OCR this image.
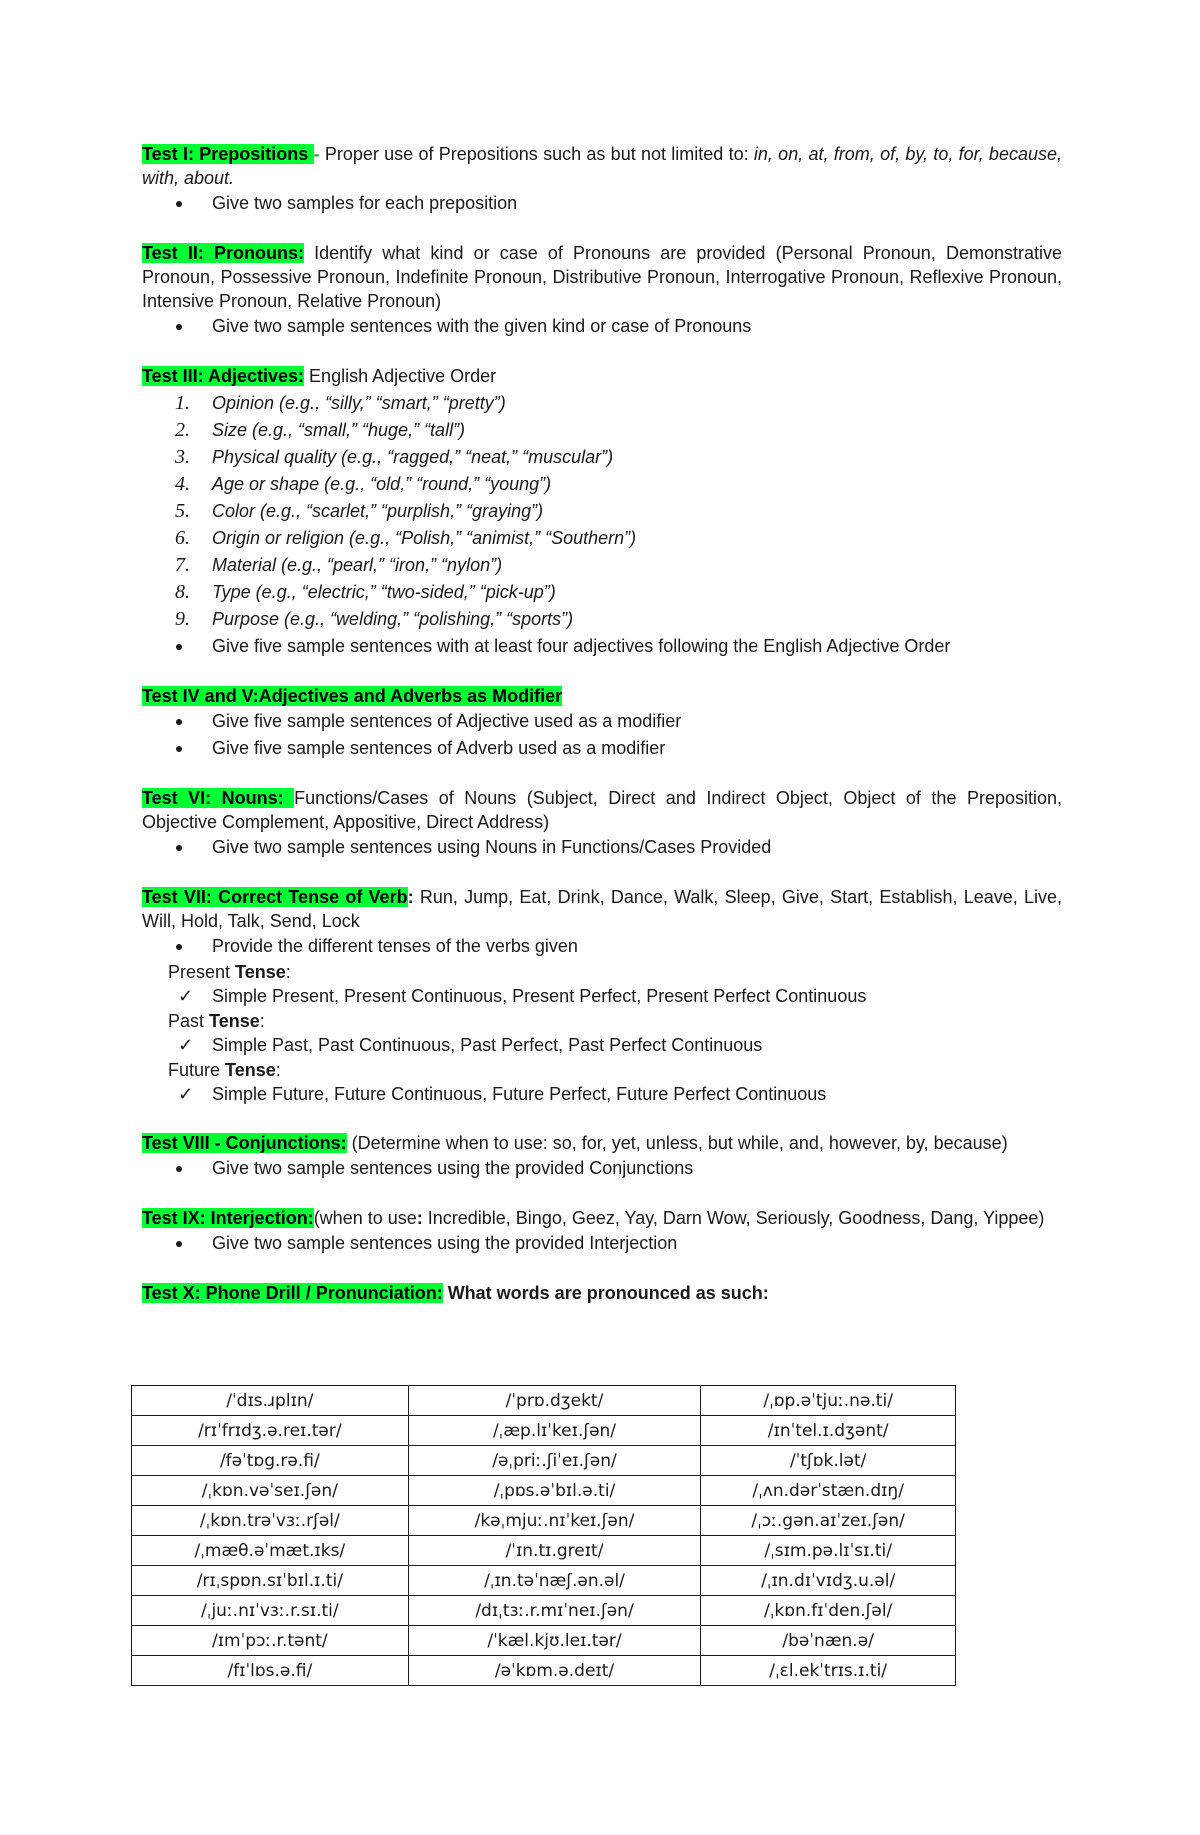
Test I: Prepositions - Proper use of Prepositions such as but not limited to: in, on, at, from, of, by, to, for, because, with, about.

Give two samples for each preposition

Test II: Pronouns: Identify what kind or case of Pronouns are provided (Personal Pronoun, Demonstrative Pronoun, Possessive Pronoun, Indefinite Pronoun, Distributive Pronoun, Interrogative Pronoun, Reflexive Pronoun, Intensive Pronoun, Relative Pronoun)

Give two sample sentences with the given kind or case of Pronouns

Test III: Adjectives: English Adjective Order

1. Opinion (e.g., “silly,” “smart,” “pretty”)
2. Size (e.g., “small,” “huge,” “tall”)
3. Physical quality (e.g., “ragged,” “neat,” “muscular”)
4. Age or shape (e.g., “old,” “round,” “young”)
5. Color (e.g., “scarlet,” “purplish,” “graying”)
6. Origin or religion (e.g., “Polish,” “animist,” “Southern”)
7. Material (e.g., “pearl,” “iron,” “nylon”)
8. Type (e.g., “electric,” “two-sided,” “pick-up”)
9. Purpose (e.g., “welding,” “polishing,” “sports”)
Give five sample sentences with at least four adjectives following the English Adjective Order

Test IV and V:Adjectives and Adverbs as Modifier

Give five sample sentences of Adjective used as a modifier
Give five sample sentences of Adverb used as a modifier

Test VI: Nouns: Functions/Cases of Nouns (Subject, Direct and Indirect Object, Object of the Preposition, Objective Complement, Appositive, Direct Address)

Give two sample sentences using Nouns in Functions/Cases Provided

Test VII: Correct Tense of Verb: Run, Jump, Eat, Drink, Dance, Walk, Sleep, Give, Start, Establish, Leave, Live, Will, Hold, Talk, Send, Lock

Provide the different tenses of the verbs given

Present Tense:

✓ Simple Present, Present Continuous, Present Perfect, Present Perfect Continuous

Past Tense:

✓ Simple Past, Past Continuous, Past Perfect, Past Perfect Continuous

Future Tense:

✓ Simple Future, Future Continuous, Future Perfect, Future Perfect Continuous

Test VIII - Conjunctions: (Determine when to use: so, for, yet, unless, but while, and, however, by, because)

Give two sample sentences using the provided Conjunctions

Test IX: Interjection:(when to use: Incredible, Bingo, Geez, Yay, Darn Wow, Seriously, Goodness, Dang, Yippee)

Give two sample sentences using the provided Interjection

Test X: Phone Drill / Pronunciation: What words are pronounced as such:

/ˈdɪs.ɹplɪn/	/ˈprɒ.dʒekt/	/ˌɒp.əˈtjuː.nə.ti/
/rɪˈfrɪdʒ.ə.reɪ.tər/	/ˌæp.lɪˈkeɪ.ʃən/	/ɪnˈtel.ɪ.dʒənt/
/fəˈtɒg.rə.fi/	/əˌpriː.ʃiˈeɪ.ʃən/	/ˈtʃɒk.lət/
/ˌkɒn.vəˈseɪ.ʃən/	/ˌpɒs.əˈbɪl.ə.ti/	/ˌʌn.dərˈstæn.dɪŋ/
/ˌkɒn.trəˈvɜː.rʃəl/	/kəˌmjuː.nɪˈkeɪ.ʃən/	/ˌɔː.gən.aɪˈzeɪ.ʃən/
/ˌmæθ.əˈmæt.ɪks/	/ˈɪn.tɪ.greɪt/	/ˌsɪm.pə.lɪˈsɪ.ti/
/rɪˌspɒn.sɪˈbɪl.ɪ.ti/	/ˌɪn.təˈnæʃ.ən.əl/	/ˌɪn.dɪˈvɪdʒ.u.əl/
/ˌjuː.nɪˈvɜː.r.sɪ.ti/	/dɪˌtɜː.r.mɪˈneɪ.ʃən/	/ˌkɒn.fɪˈden.ʃəl/
/ɪmˈpɔː.r.tənt/	/ˈkæl.kjʊ.leɪ.tər/	/bəˈnæn.ə/
/fɪˈlɒs.ə.fi/	/əˈkɒm.ə.deɪt/	/ˌɛl.ekˈtrɪs.ɪ.ti/
